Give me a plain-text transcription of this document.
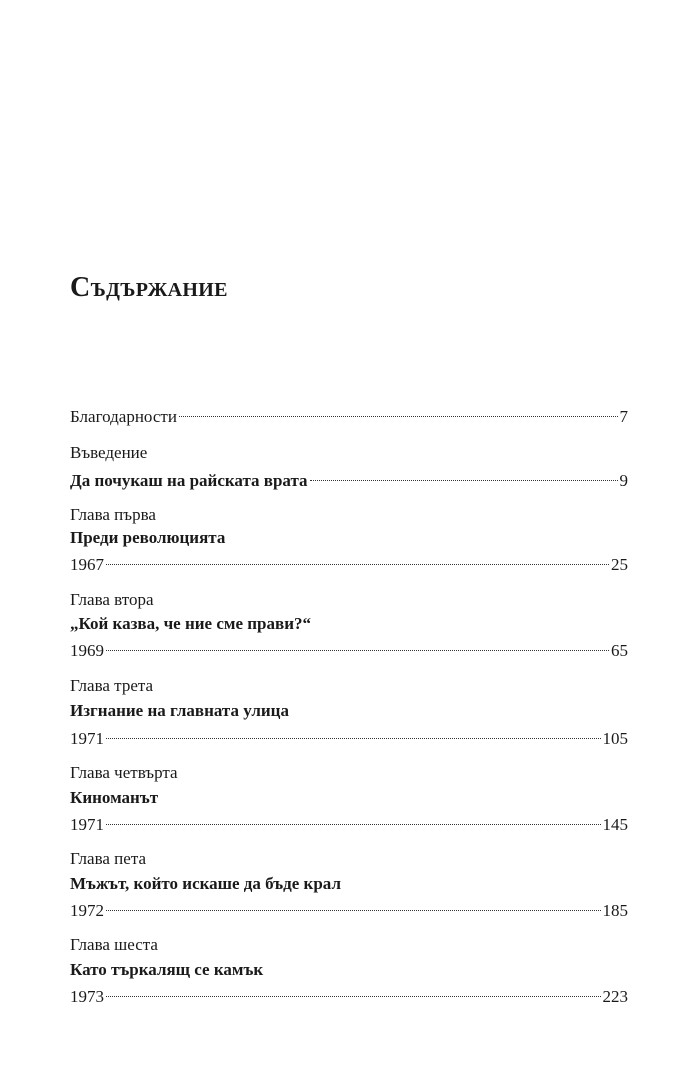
Съдържание
Благодарности	7
Въведение
Да почукаш на райската врата	9
Глава първа
Преди революцията
1967	25
Глава втора
„Кой казва, че ние сме прави?“
1969	65
Глава трета
Изгнание на главната улица
1971	105
Глава четвърта
Киноманът
1971	145
Глава пета
Мъжът, който искаше да бъде крал
1972	185
Глава шеста
Като търкалящ се камък
1973	223
